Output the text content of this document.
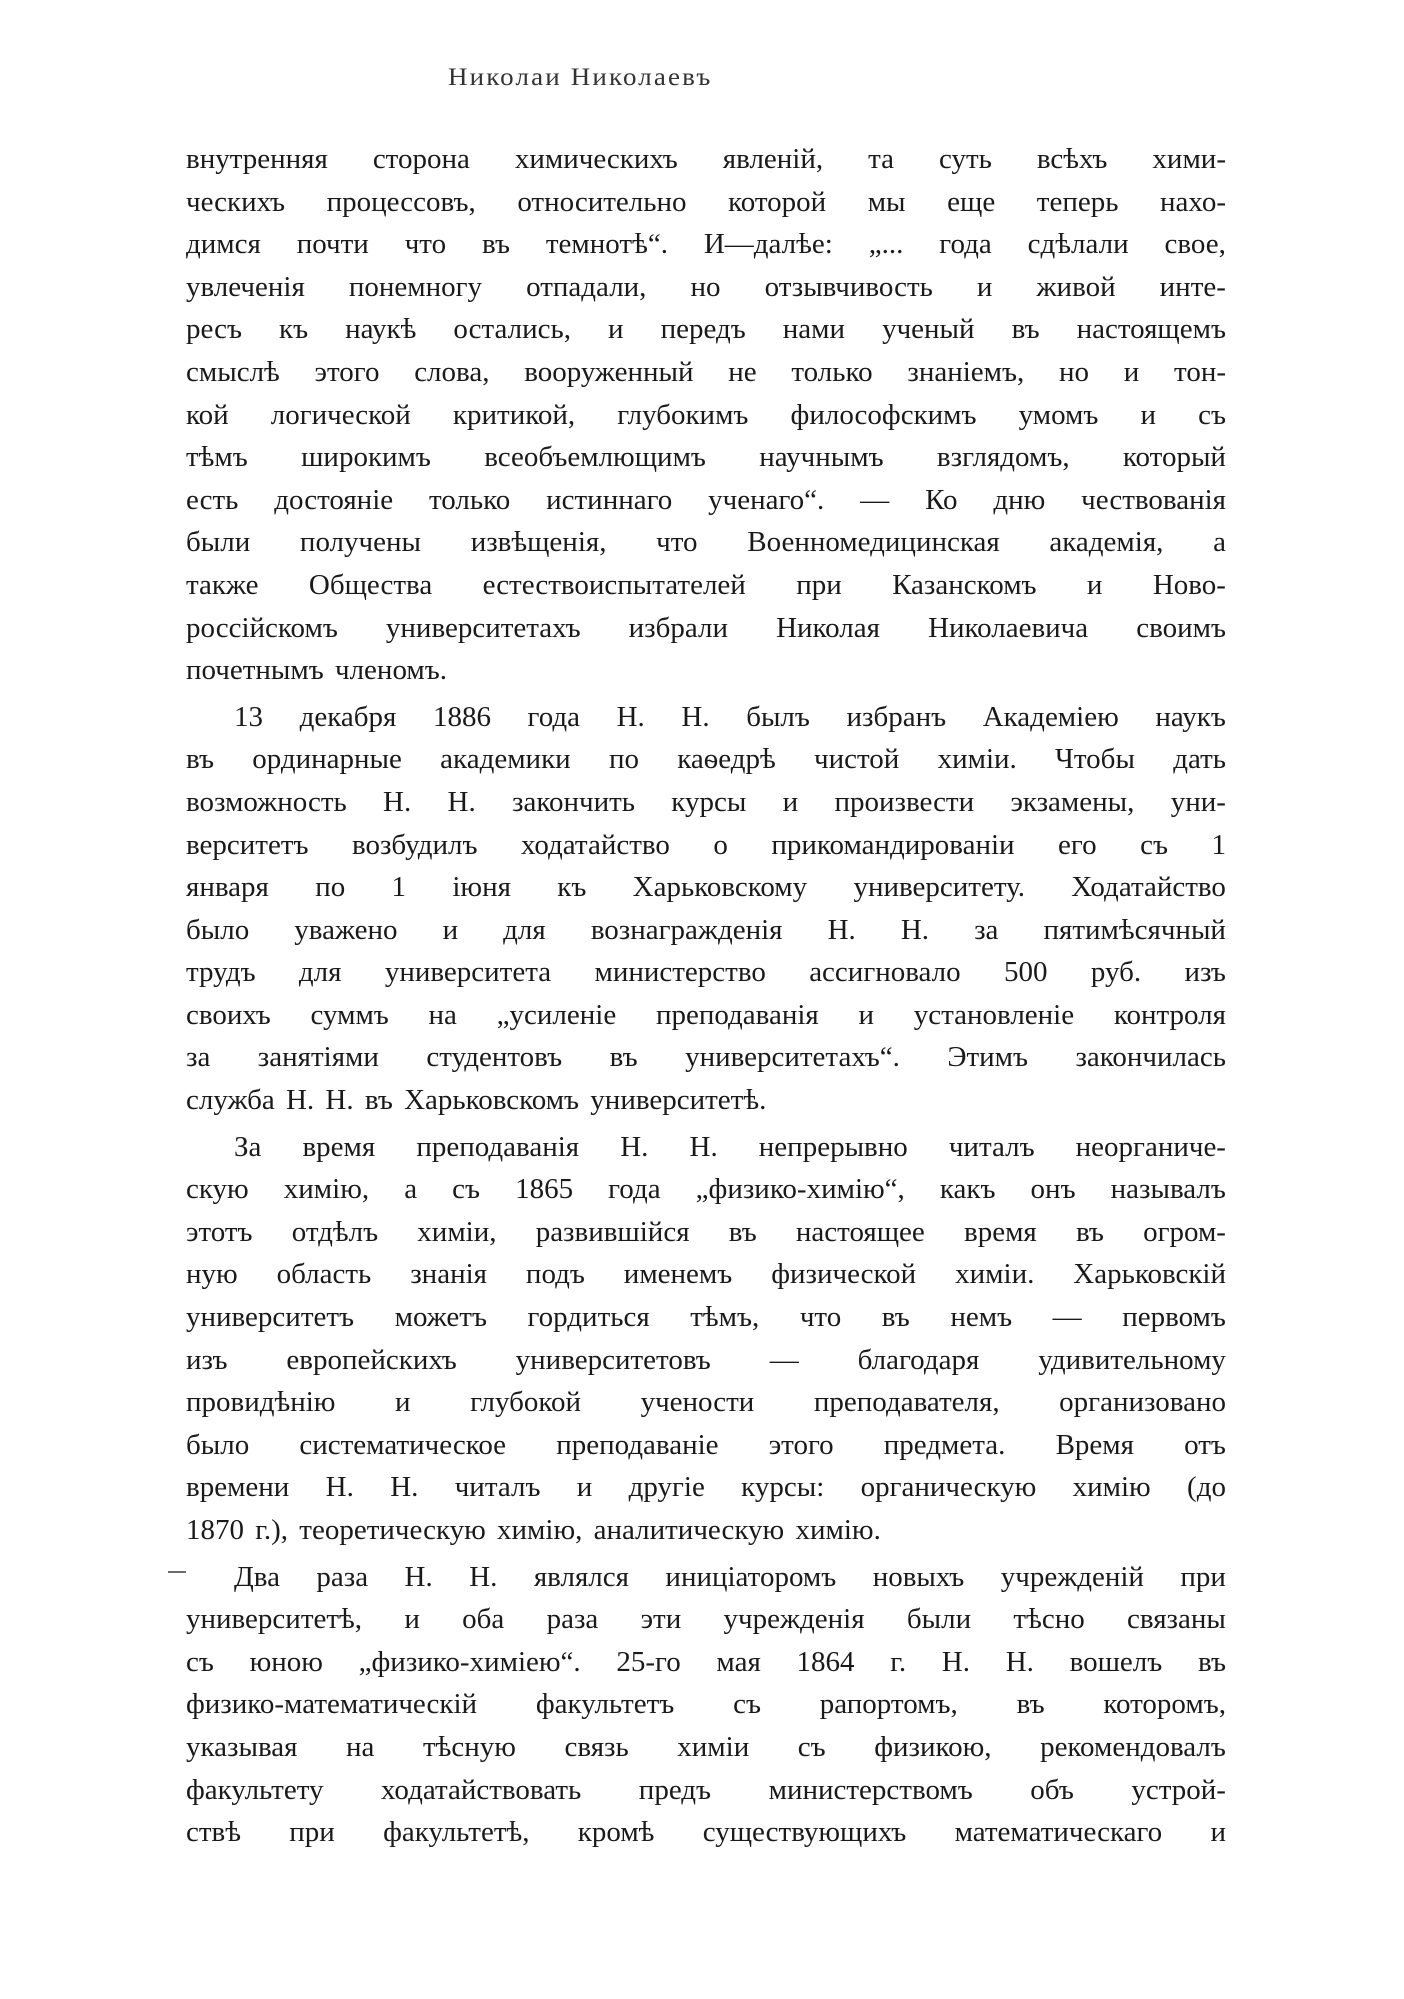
Николаи Николаевъ
внутренняя сторона химическихъ явленій, та суть всѣхъ хими-
ческихъ процессовъ, относительно которой мы еще теперь нахо-
димся почти что въ темнотѣ“. И—далѣе: „... года сдѣлали свое,
увлеченія понемногу отпадали, но отзывчивость и живой инте-
ресъ къ наукѣ остались, и передъ нами ученый въ настоящемъ
смыслѣ этого слова, вооруженный не только знаніемъ, но и тон-
кой логической критикой, глубокимъ философскимъ умомъ и съ
тѣмъ широкимъ всеобъемлющимъ научнымъ взглядомъ, который
есть достояніе только истиннаго ученаго“. — Ко дню чествованія
были получены извѣщенія, что Военномедицинская академія, а
также Общества естествоиспытателей при Казанскомъ и Ново-
россійскомъ университетахъ избрали Николая Николаевича своимъ
почетнымъ членомъ.
13 декабря 1886 года Н. Н. былъ избранъ Академіею наукъ
въ ординарные академики по каѳедрѣ чистой химіи. Чтобы дать
возможность Н. Н. закончить курсы и произвести экзамены, уни-
верситетъ возбудилъ ходатайство о прикомандированіи его съ 1
января по 1 іюня къ Харьковскому университету. Ходатайство
было уважено и для вознагражденія Н. Н. за пятимѣсячный
трудъ для университета министерство ассигновало 500 руб. изъ
своихъ суммъ на „усиленіе преподаванія и установленіе контроля
за занятіями студентовъ въ университетахъ“. Этимъ закончилась
служба Н. Н. въ Харьковскомъ университетѣ.
За время преподаванія Н. Н. непрерывно читалъ неорганиче-
скую химію, а съ 1865 года „физико-химію“, какъ онъ называлъ
этотъ отдѣлъ химіи, развившійся въ настоящее время въ огром-
ную область знанія подъ именемъ физической химіи. Харьковскій
университетъ можетъ гордиться тѣмъ, что въ немъ — первомъ
изъ европейскихъ университетовъ — благодаря удивительному
провидѣнію и глубокой учености преподавателя, организовано
было систематическое преподаваніе этого предмета. Время отъ
времени Н. Н. читалъ и другіе курсы: органическую химію (до
1870 г.), теоретическую химію, аналитическую химію.
Два раза Н. Н. являлся иниціаторомъ новыхъ учрежденій при
университетѣ, и оба раза эти учрежденія были тѣсно связаны
съ юною „физико-химіею“. 25-го мая 1864 г. Н. Н. вошелъ въ
физико-математическій факультетъ съ рапортомъ, въ которомъ,
указывая на тѣсную связь химіи съ физикою, рекомендовалъ
факультету ходатайствовать предъ министерствомъ объ устрой-
ствѣ при факультетѣ, кромѣ существующихъ математическаго и
